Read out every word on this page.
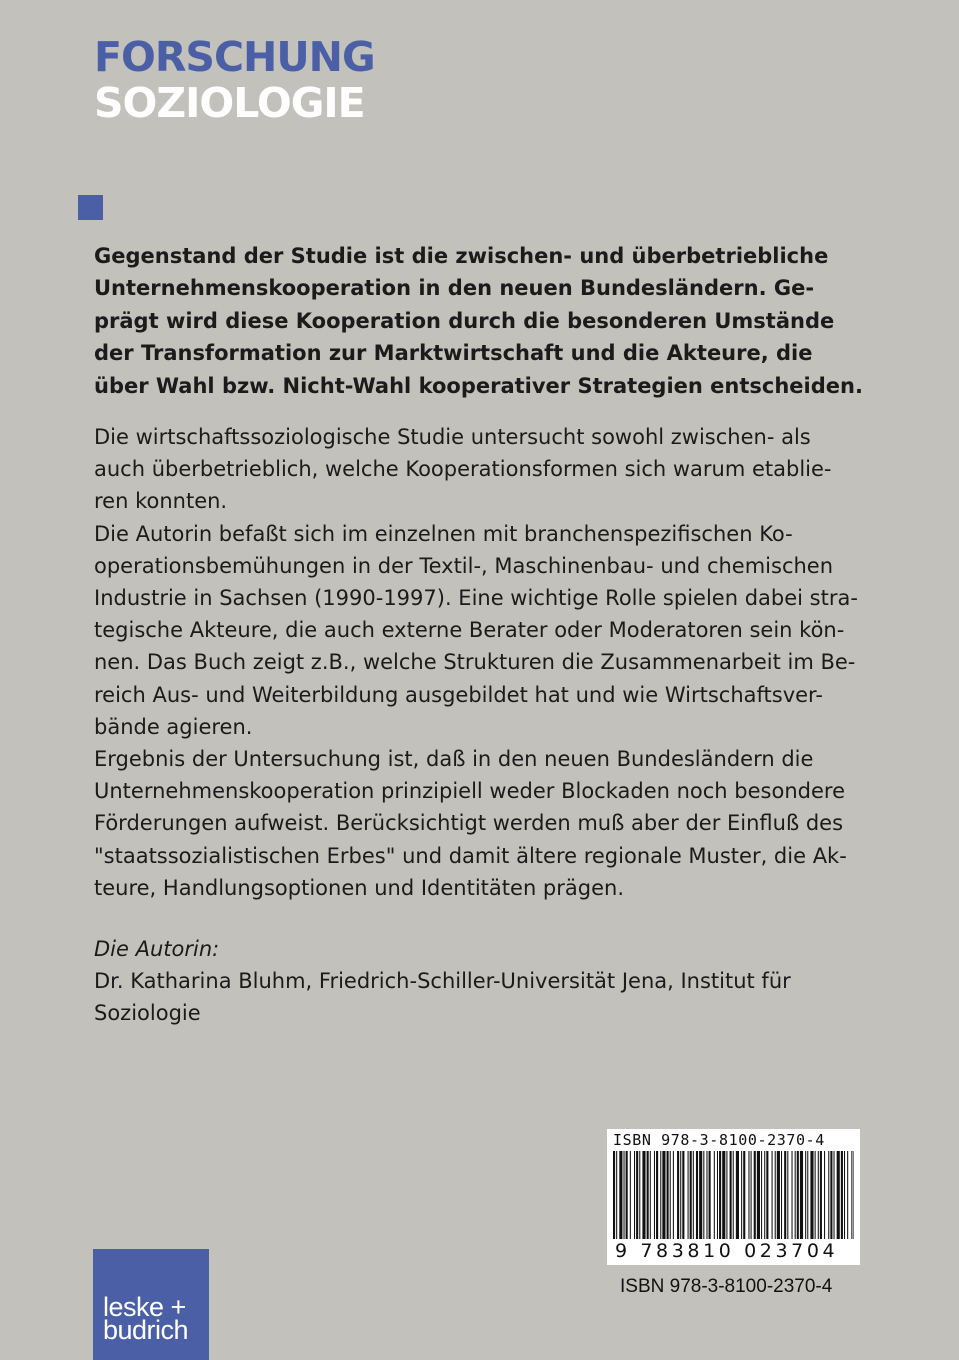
FORSCHUNG
SOZIOLOGIE

Gegenstand der Studie ist die zwischen- und überbetriebliche
Unternehmenskooperation in den neuen Bundesländern. Ge-
prägt wird diese Kooperation durch die besonderen Umstände
der Transformation zur Marktwirtschaft und die Akteure, die
über Wahl bzw. Nicht-Wahl kooperativer Strategien entscheiden.

Die wirtschaftssoziologische Studie untersucht sowohl zwischen- als
auch überbetrieblich, welche Kooperationsformen sich warum etablie-
ren konnten.

Die Autorin befaßt sich im einzelnen mit branchenspezifischen Ko-
operationsbemühungen in der Textil-, Maschinenbau- und chemischen
Industrie in Sachsen (1990-1997). Eine wichtige Rolle spielen dabei stra-
tegische Akteure, die auch externe Berater oder Moderatoren sein kön-
nen. Das Buch zeigt z.B., welche Strukturen die Zusammenarbeit im Be-
reich Aus- und Weiterbildung ausgebildet hat und wie Wirtschaftsver-
bände agieren.

Ergebnis der Untersuchung ist, daß in den neuen Bundesländern die
Unternehmenskooperation prinzipiell weder Blockaden noch besondere
Förderungen aufweist. Berücksichtigt werden muß aber der Einfluß des
"staatssozialistischen Erbes" und damit ältere regionale Muster, die Ak-
teure, Handlungsoptionen und Identitäten prägen.

Die Autorin:

Dr. Katharina Bluhm, Friedrich-Schiller-Universität Jena, Institut für
Soziologie

ISBN 978-3-8100-2370-4
9 783810 023704
ISBN 978-3-8100-2370-4
leske +
budrich
